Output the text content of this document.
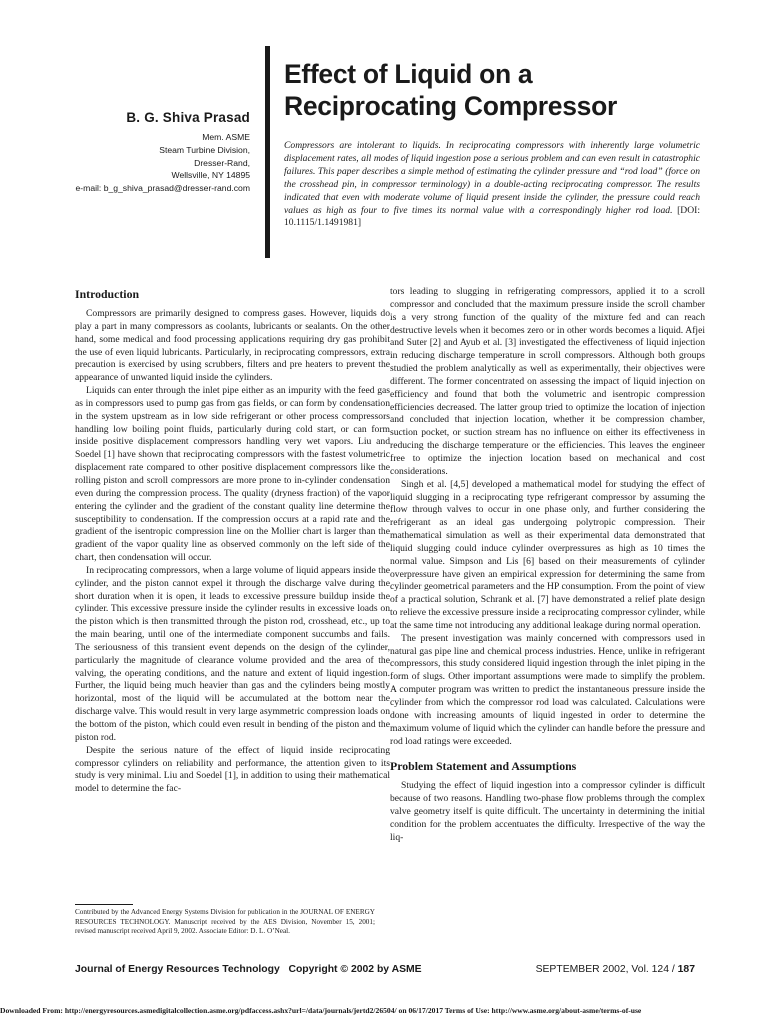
B. G. Shiva Prasad
Mem. ASME
Steam Turbine Division,
Dresser-Rand,
Wellsville, NY 14895
e-mail: b_g_shiva_prasad@dresser-rand.com
Effect of Liquid on a
Reciprocating Compressor
Compressors are intolerant to liquids. In reciprocating compressors with inherently large volumetric displacement rates, all modes of liquid ingestion pose a serious problem and can even result in catastrophic failures. This paper describes a simple method of estimating the cylinder pressure and “rod load” (force on the crosshead pin, in compressor terminology) in a double-acting reciprocating compressor. The results indicated that even with moderate volume of liquid present inside the cylinder, the pressure could reach values as high as four to five times its normal value with a correspondingly higher rod load. [DOI: 10.1115/1.1491981]
Introduction

Compressors are primarily designed to compress gases. However, liquids do play a part in many compressors as coolants, lubricants or sealants. On the other hand, some medical and food processing applications requiring dry gas prohibit the use of even liquid lubricants. Particularly, in reciprocating compressors, extra precaution is exercised by using scrubbers, filters and pre heaters to prevent the appearance of unwanted liquid inside the cylinders.

Liquids can enter through the inlet pipe either as an impurity with the feed gas as in compressors used to pump gas from gas fields, or can form by condensation in the system upstream as in low side refrigerant or other process compressors handling low boiling point fluids, particularly during cold start, or can form inside positive displacement compressors handling very wet vapors. Liu and Soedel [1] have shown that reciprocating compressors with the fastest volumetric displacement rate compared to other positive displacement compressors like the rolling piston and scroll compressors are more prone to in-cylinder condensation even during the compression process. The quality (dryness fraction) of the vapor entering the cylinder and the gradient of the constant quality line determine the susceptibility to condensation. If the compression occurs at a rapid rate and the gradient of the isentropic compression line on the Mollier chart is larger than the gradient of the vapor quality line as observed commonly on the left side of the chart, then condensation will occur.

In reciprocating compressors, when a large volume of liquid appears inside the cylinder, and the piston cannot expel it through the discharge valve during the short duration when it is open, it leads to excessive pressure buildup inside the cylinder. This excessive pressure inside the cylinder results in excessive loads on the piston which is then transmitted through the piston rod, crosshead, etc., up to the main bearing, until one of the intermediate component succumbs and fails. The seriousness of this transient event depends on the design of the cylinder, particularly the magnitude of clearance volume provided and the area of the valving, the operating conditions, and the nature and extent of liquid ingestion. Further, the liquid being much heavier than gas and the cylinders being mostly horizontal, most of the liquid will be accumulated at the bottom near the discharge valve. This would result in very large asymmetric compression loads on the bottom of the piston, which could even result in bending of the piston and the piston rod.

Despite the serious nature of the effect of liquid inside reciprocating compressor cylinders on reliability and performance, the attention given to its study is very minimal. Liu and Soedel [1], in addition to using their mathematical model to determine the fac-

tors leading to slugging in refrigerating compressors, applied it to a scroll compressor and concluded that the maximum pressure inside the scroll chamber is a very strong function of the quality of the mixture fed and can reach destructive levels when it becomes zero or in other words becomes a liquid. Afjei and Suter [2] and Ayub et al. [3] investigated the effectiveness of liquid injection in reducing discharge temperature in scroll compressors. Although both groups studied the problem analytically as well as experimentally, their objectives were different. The former concentrated on assessing the impact of liquid injection on efficiency and found that both the volumetric and isentropic compression efficiencies decreased. The latter group tried to optimize the location of injection and concluded that injection location, whether it be compression chamber, suction pocket, or suction stream has no influence on either its effectiveness in reducing the discharge temperature or the efficiencies. This leaves the engineer free to optimize the injection location based on mechanical and cost considerations.

Singh et al. [4,5] developed a mathematical model for studying the effect of liquid slugging in a reciprocating type refrigerant compressor by assuming the flow through valves to occur in one phase only, and further considering the refrigerant as an ideal gas undergoing polytropic compression. Their mathematical simulation as well as their experimental data demonstrated that liquid slugging could induce cylinder overpressures as high as 10 times the normal value. Simpson and Lis [6] based on their measurements of cylinder overpressure have given an empirical expression for determining the same from cylinder geometrical parameters and the HP consumption. From the point of view of a practical solution, Schrank et al. [7] have demonstrated a relief plate design to relieve the excessive pressure inside a reciprocating compressor cylinder, while at the same time not introducing any additional leakage during normal operation.

The present investigation was mainly concerned with compressors used in natural gas pipe line and chemical process industries. Hence, unlike in refrigerant compressors, this study considered liquid ingestion through the inlet piping in the form of slugs. Other important assumptions were made to simplify the problem. A computer program was written to predict the instantaneous pressure inside the cylinder from which the compressor rod load was calculated. Calculations were done with increasing amounts of liquid ingested in order to determine the maximum volume of liquid which the cylinder can handle before the pressure and rod load ratings were exceeded.

Problem Statement and Assumptions

Studying the effect of liquid ingestion into a compressor cylinder is difficult because of two reasons. Handling two-phase flow problems through the complex valve geometry itself is quite difficult. The uncertainty in determining the initial condition for the problem accentuates the difficulty. Irrespective of the way the liq-

Contributed by the Advanced Energy Systems Division for publication in the JOURNAL OF ENERGY RESOURCES TECHNOLOGY. Manuscript received by the AES Division, November 15, 2001; revised manuscript received April 9, 2002. Associate Editor: D. L. O’Neal.
Journal of Energy Resources Technology Copyright © 2002 by ASME	SEPTEMBER 2002, Vol. 124 / 187
Downloaded From: http://energyresources.asmedigitalcollection.asme.org/pdfaccess.ashx?url=/data/journals/jertd2/26504/ on 06/17/2017 Terms of Use: http://www.asme.org/about-asme/terms-of-use
